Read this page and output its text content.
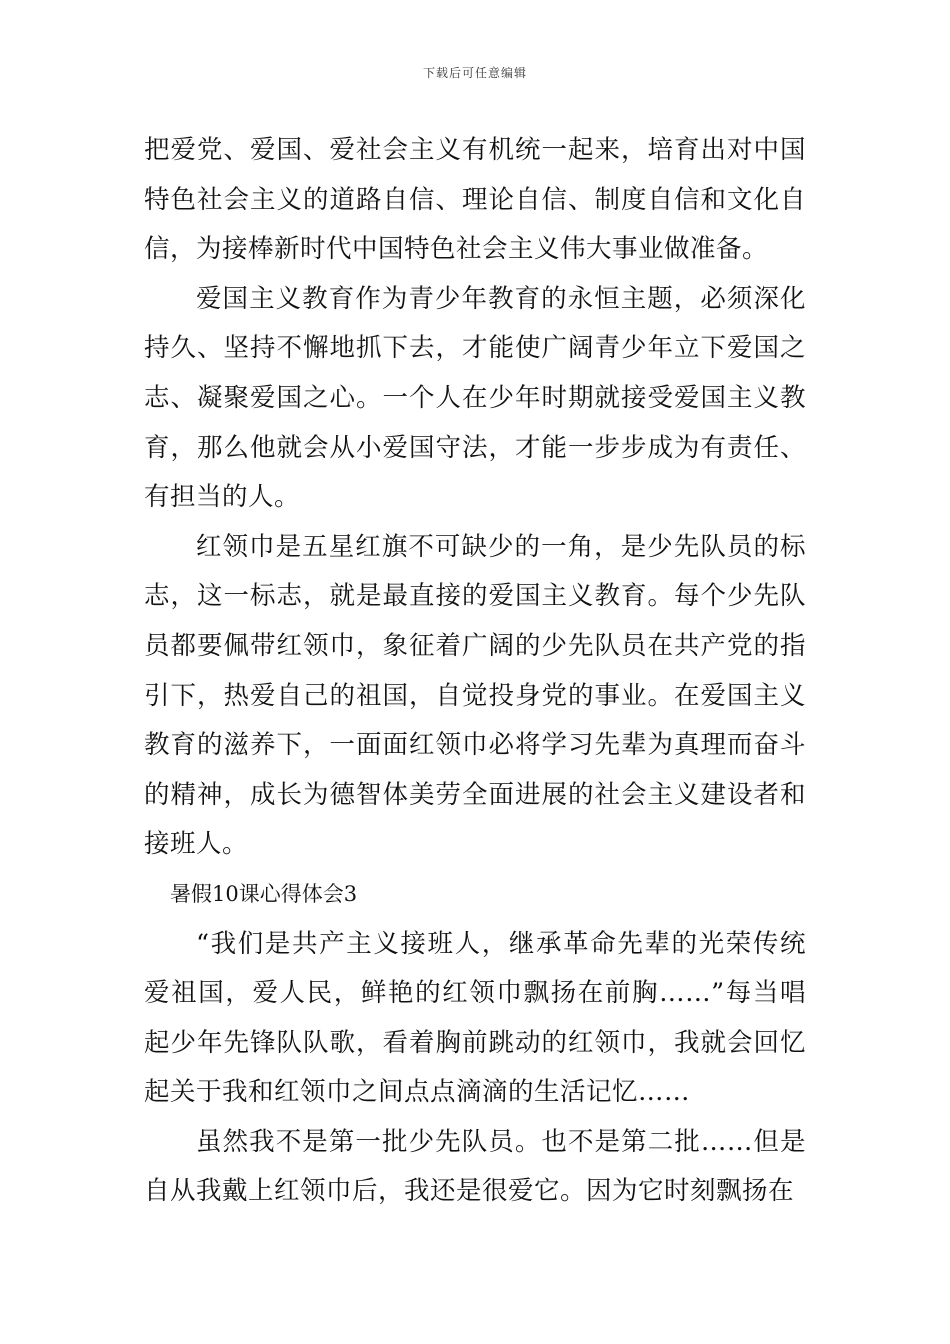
下载后可任意编辑

把爱党、爱国、爱社会主义有机统一起来，培育出对中国特色社会主义的道路自信、理论自信、制度自信和文化自信，为接棒新时代中国特色社会主义伟大事业做准备。

爱国主义教育作为青少年教育的永恒主题，必须深化持久、坚持不懈地抓下去，才能使广阔青少年立下爱国之志、凝聚爱国之心。一个人在少年时期就接受爱国主义教育，那么他就会从小爱国守法，才能一步步成为有责任、有担当的人。

红领巾是五星红旗不可缺少的一角，是少先队员的标志，这一标志，就是最直接的爱国主义教育。每个少先队员都要佩带红领巾，象征着广阔的少先队员在共产党的指引下，热爱自己的祖国，自觉投身党的事业。在爱国主义教育的滋养下，一面面红领巾必将学习先辈为真理而奋斗的精神，成长为德智体美劳全面进展的社会主义建设者和接班人。

暑假10课心得体会3

“我们是共产主义接班人，继承革命先辈的光荣传统爱祖国，爱人民，鲜艳的红领巾飘扬在前胸……”每当唱起少年先锋队队歌，看着胸前跳动的红领巾，我就会回忆起关于我和红领巾之间点点滴滴的生活记忆……

虽然我不是第一批少先队员。也不是第二批……但是自从我戴上红领巾后，我还是很爱它。因为它时刻飘扬在
